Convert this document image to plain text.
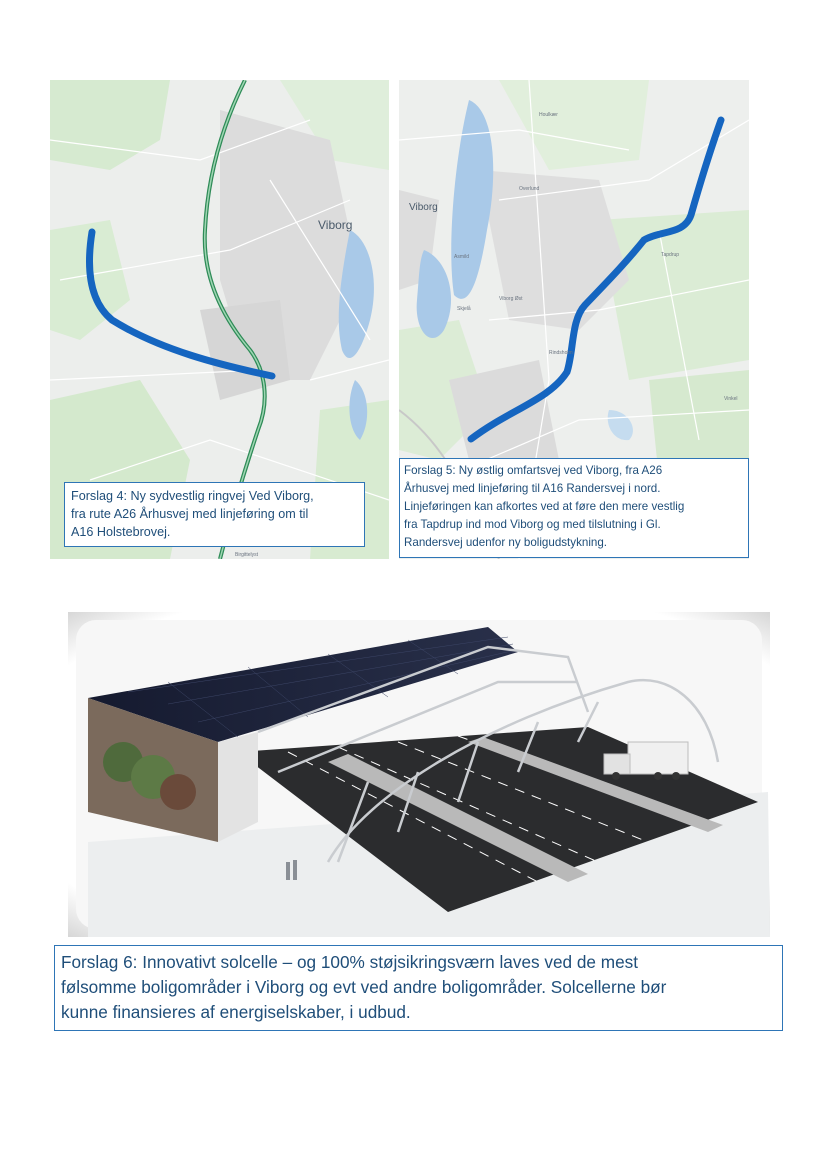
Viborg
Birgittelyst

Forslag 4: Ny sydvestlig ringvej Ved Viborg,
fra rute A26 Århusvej med linjeføring om til
A16 Holstebrovej.

Viborg
Houlkær
Overlund
Tapdrup
Asmild
Viborg Øst
Skjelå
Rindsholm
Vinkel

Forslag 5: Ny østlig omfartsvej ved Viborg, fra A26
Århusvej med linjeføring til A16 Randersvej i nord.
Linjeføringen kan afkortes ved at føre den mere vestlig
fra Tapdrup ind mod Viborg og med tilslutning i Gl.
Randersvej udenfor ny boligudstykning.

Forslag 6: Innovativt solcelle – og 100% støjsikringsværn laves ved de mest
følsomme boligområder i Viborg og evt ved andre boligområder. Solcellerne bør
kunne finansieres af energiselskaber, i udbud.
